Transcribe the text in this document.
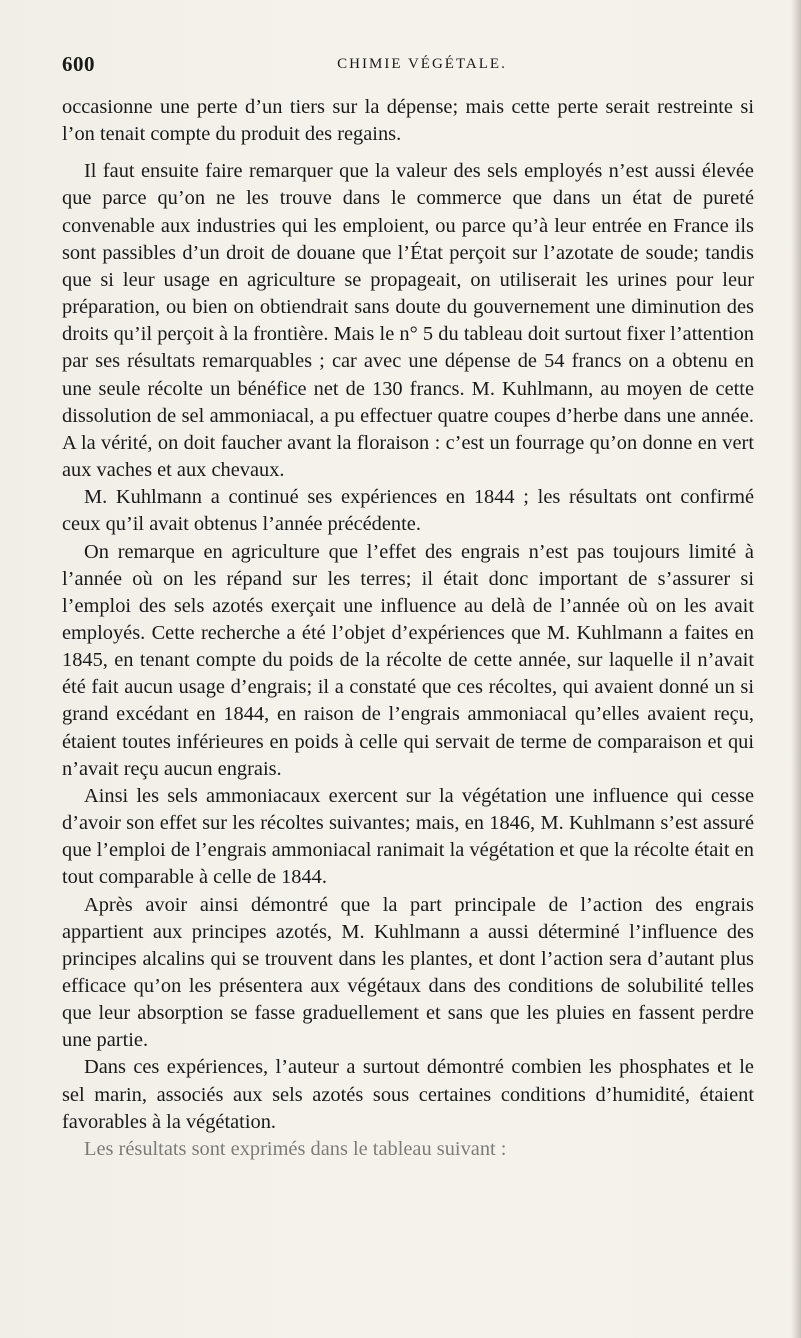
600	CHIMIE VÉGÉTALE.

occasionne une perte d’un tiers sur la dépense; mais cette perte serait restreinte si l’on tenait compte du produit des regains.

Il faut ensuite faire remarquer que la valeur des sels employés n’est aussi élevée que parce qu’on ne les trouve dans le commerce que dans un état de pureté convenable aux industries qui les emploient, ou parce qu’à leur entrée en France ils sont passibles d’un droit de douane que l’État perçoit sur l’azotate de soude; tandis que si leur usage en agriculture se propageait, on utiliserait les urines pour leur préparation, ou bien on obtiendrait sans doute du gouvernement une diminution des droits qu’il perçoit à la frontière. Mais le n° 5 du tableau doit surtout fixer l’attention par ses résultats remarquables ; car avec une dépense de 54 francs on a obtenu en une seule récolte un bénéfice net de 130 francs. M. Kuhlmann, au moyen de cette dissolution de sel ammoniacal, a pu effectuer quatre coupes d’herbe dans une année. A la vérité, on doit faucher avant la floraison : c’est un fourrage qu’on donne en vert aux vaches et aux chevaux.

M. Kuhlmann a continué ses expériences en 1844 ; les résultats ont confirmé ceux qu’il avait obtenus l’année précédente.

On remarque en agriculture que l’effet des engrais n’est pas toujours limité à l’année où on les répand sur les terres; il était donc important de s’assurer si l’emploi des sels azotés exerçait une influence au delà de l’année où on les avait employés. Cette recherche a été l’objet d’expériences que M. Kuhlmann a faites en 1845, en tenant compte du poids de la récolte de cette année, sur laquelle il n’avait été fait aucun usage d’engrais; il a constaté que ces récoltes, qui avaient donné un si grand excédant en 1844, en raison de l’engrais ammoniacal qu’elles avaient reçu, étaient toutes inférieures en poids à celle qui servait de terme de comparaison et qui n’avait reçu aucun engrais.

Ainsi les sels ammoniacaux exercent sur la végétation une influence qui cesse d’avoir son effet sur les récoltes suivantes; mais, en 1846, M. Kuhlmann s’est assuré que l’emploi de l’engrais ammoniacal ranimait la végétation et que la récolte était en tout comparable à celle de 1844.

Après avoir ainsi démontré que la part principale de l’action des engrais appartient aux principes azotés, M. Kuhlmann a aussi déterminé l’influence des principes alcalins qui se trouvent dans les plantes, et dont l’action sera d’autant plus efficace qu’on les présentera aux végétaux dans des conditions de solubilité telles que leur absorption se fasse graduellement et sans que les pluies en fassent perdre une partie.

Dans ces expériences, l’auteur a surtout démontré combien les phosphates et le sel marin, associés aux sels azotés sous certaines conditions d’humidité, étaient favorables à la végétation.

Les résultats sont exprimés dans le tableau suivant :
